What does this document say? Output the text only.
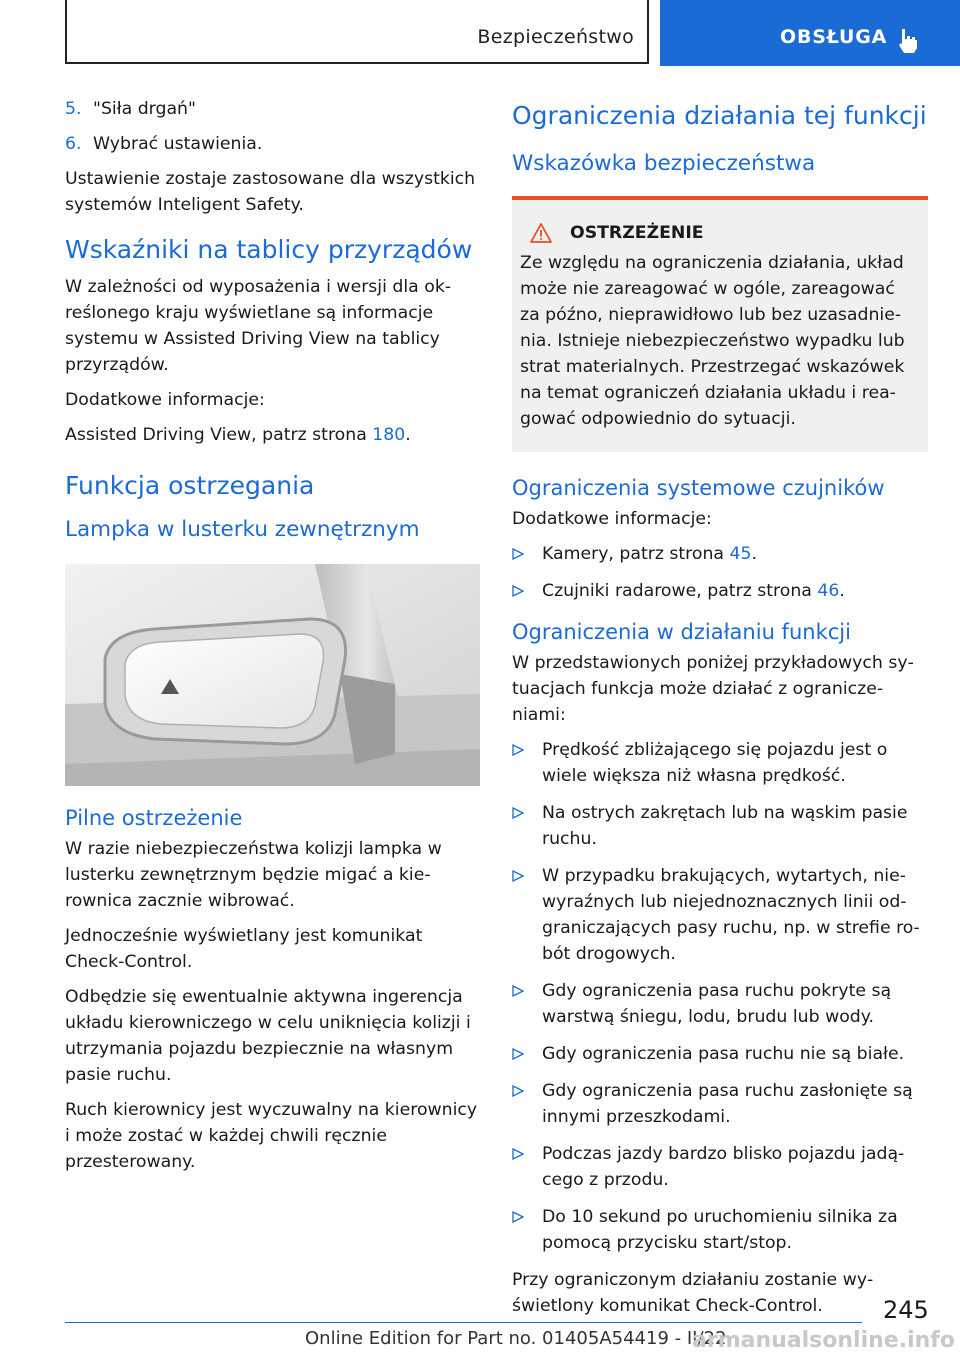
Bezpieczeństwo	OBSŁUGA
5. "Siła drgań"
6. Wybrać ustawienia.

Ustawienie zostaje zastosowane dla wszystkich systemów Inteligent Safety.

Wskaźniki na tablicy przyrządów

W zależności od wyposażenia i wersji dla określonego kraju wyświetlane są informacje systemu w Assisted Driving View na tablicy przyrządów.

Dodatkowe informacje:

Assisted Driving View, patrz strona 180.

Funkcja ostrzegania
Lampka w lusterku zewnętrznym
Pilne ostrzeżenie

W razie niebezpieczeństwa kolizji lampka w lusterku zewnętrznym będzie migać a kierownica zacznie wibrować.

Jednocześnie wyświetlany jest komunikat Check-Control.

Odbędzie się ewentualnie aktywna ingerencja układu kierowniczego w celu uniknięcia kolizji i utrzymania pojazdu bezpiecznie na własnym pasie ruchu.

Ruch kierownicy jest wyczuwalny na kierownicy i może zostać w każdej chwili ręcznie przesterowany.

Ograniczenia działania tej funkcji
Wskazówka bezpieczeństwa
OSTRZEŻENIE
Ze względu na ograniczenia działania, układ może nie zareagować w ogóle, zareagować za późno, nieprawidłowo lub bez uzasadnienia. Istnieje niebezpieczeństwo wypadku lub strat materialnych. Przestrzegać wskazówek na temat ograniczeń działania układu i reagować odpowiednio do sytuacji.
Ograniczenia systemowe czujników

Dodatkowe informacje:

Kamery, patrz strona 45.
Czujniki radarowe, patrz strona 46.
Ograniczenia w działaniu funkcji

W przedstawionych poniżej przykładowych sytuacjach funkcja może działać z ograniczeniami:

Prędkość zbliżającego się pojazdu jest o wiele większa niż własna prędkość.
Na ostrych zakrętach lub na wąskim pasie ruchu.
W przypadku brakujących, wytartych, niewyraźnych lub niejednoznacznych linii odgraniczających pasy ruchu, np. w strefie robót drogowych.
Gdy ograniczenia pasa ruchu pokryte są warstwą śniegu, lodu, brudu lub wody.
Gdy ograniczenia pasa ruchu nie są białe.
Gdy ograniczenia pasa ruchu zasłonięte są innymi przeszkodami.
Podczas jazdy bardzo blisko pojazdu jadącego z przodu.
Do 10 sekund po uruchomieniu silnika za pomocą przycisku start/stop.

Przy ograniczonym działaniu zostanie wyświetlony komunikat Check-Control.	245
Online Edition for Part no. 01405A54419 - II/22
armanualsonline.info
